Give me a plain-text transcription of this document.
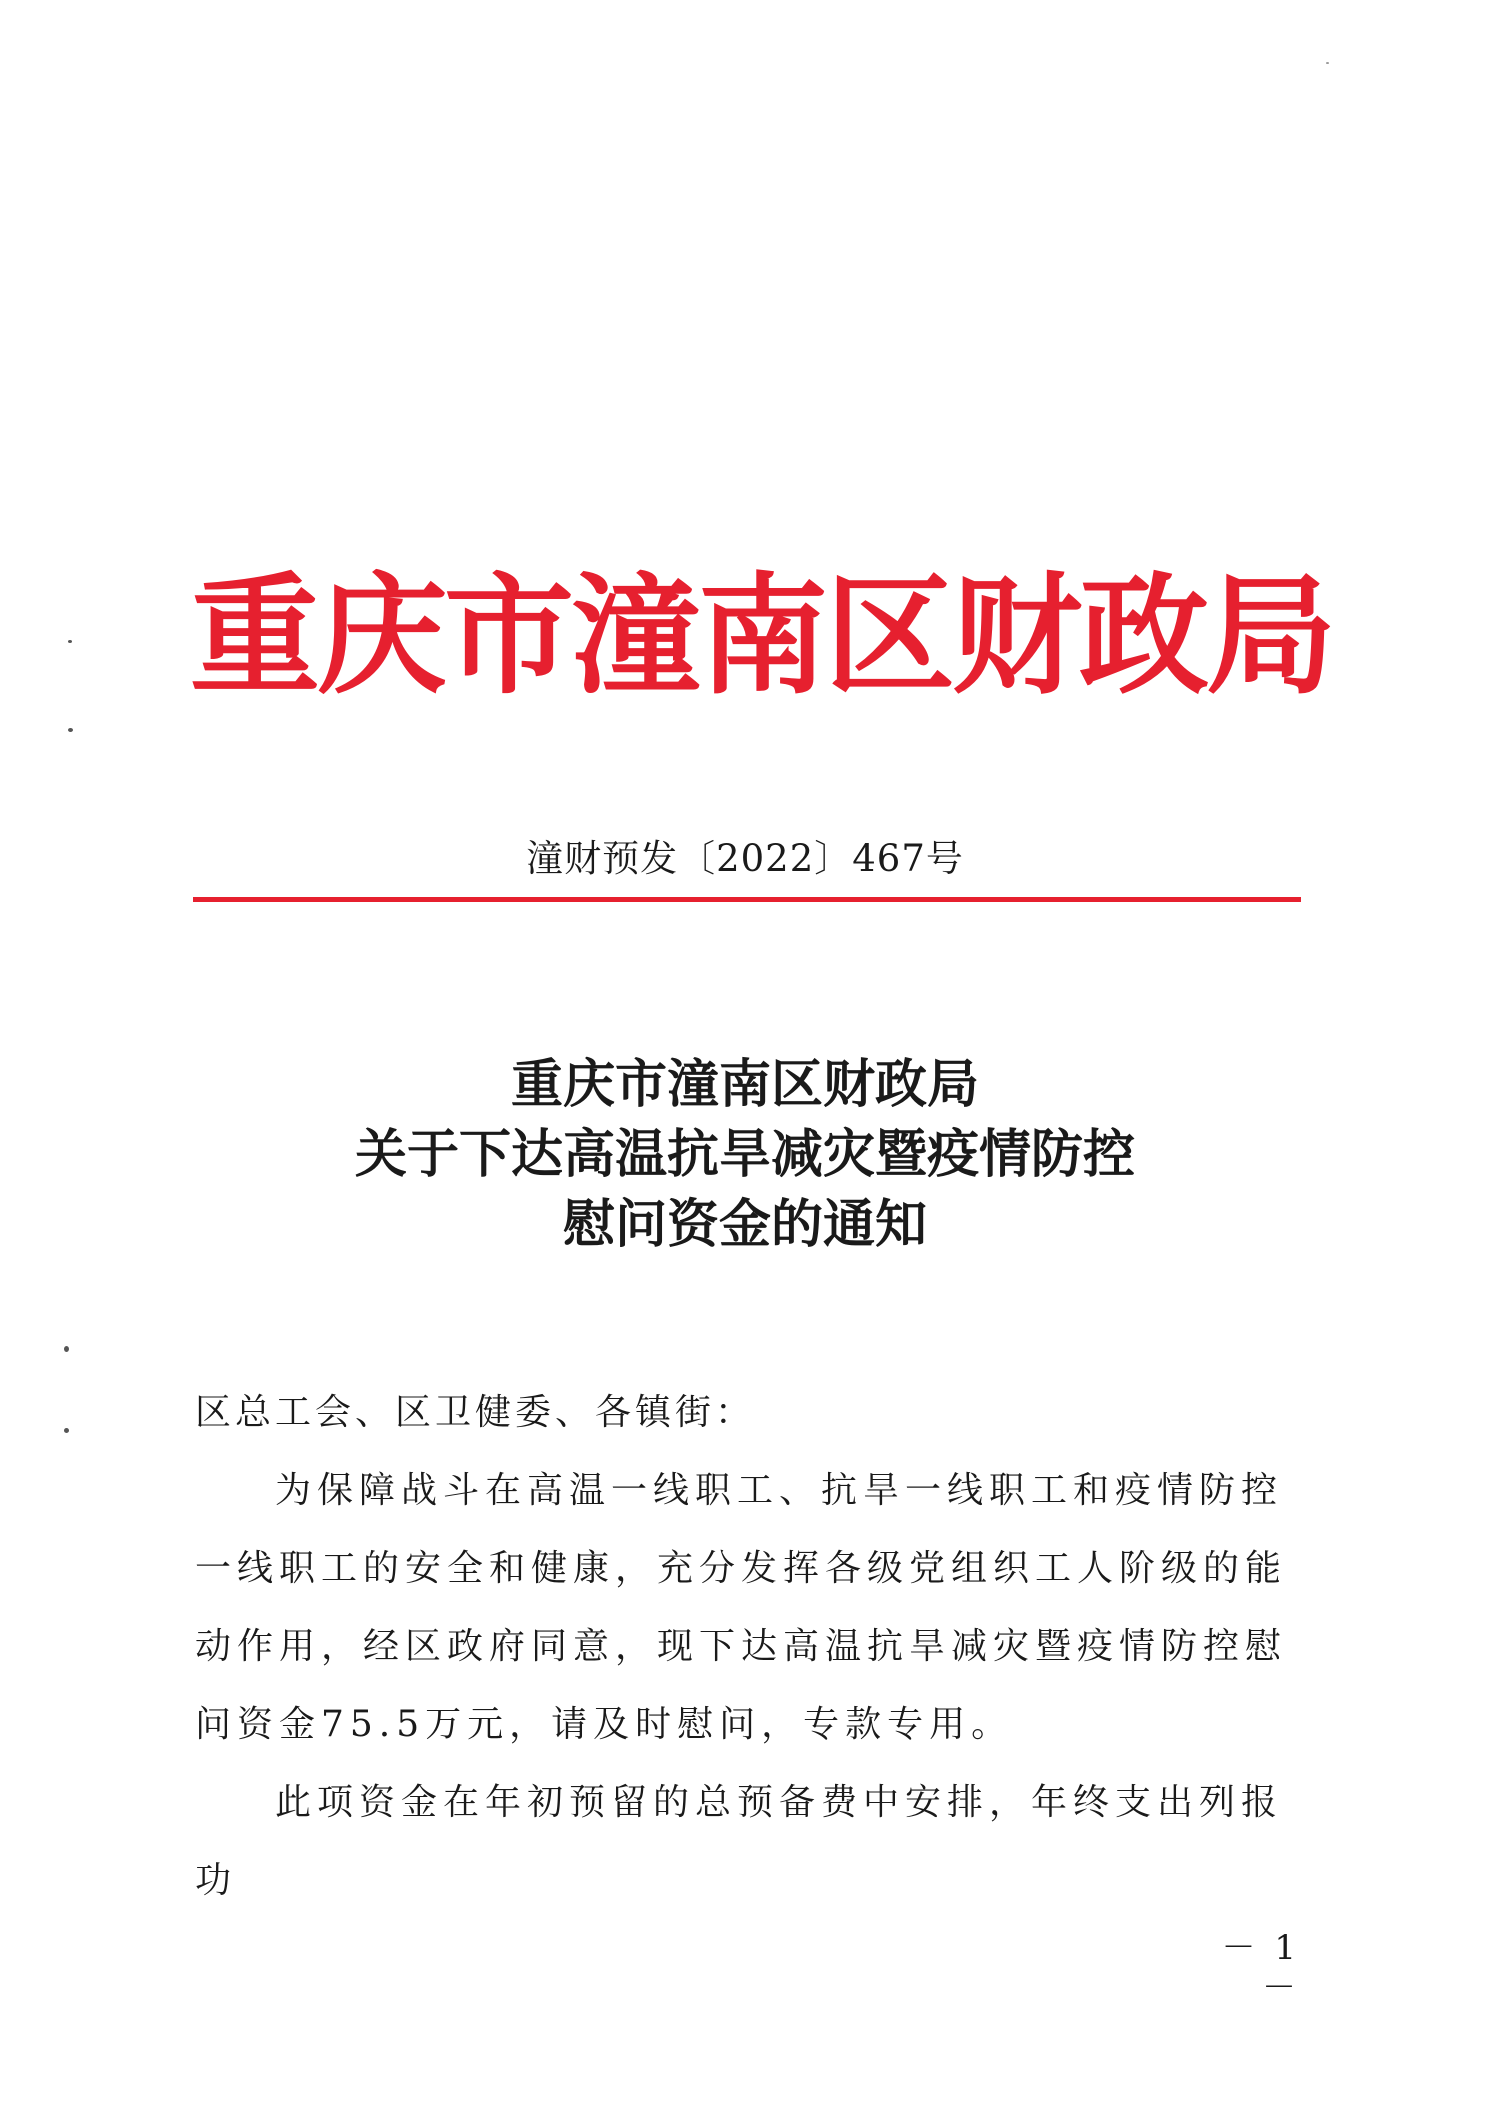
重庆市潼南区财政局
潼财预发〔2022〕467号
重庆市潼南区财政局
关于下达高温抗旱减灾暨疫情防控
慰问资金的通知

区总工会、区卫健委、各镇街：

为保障战斗在高温一线职工、抗旱一线职工和疫情防控一线职工的安全和健康，充分发挥各级党组织工人阶级的能动作用，经区政府同意，现下达高温抗旱减灾暨疫情防控慰问资金75.5万元，请及时慰问，专款专用。

此项资金在年初预留的总预备费中安排，年终支出列报功

－ 1 －
